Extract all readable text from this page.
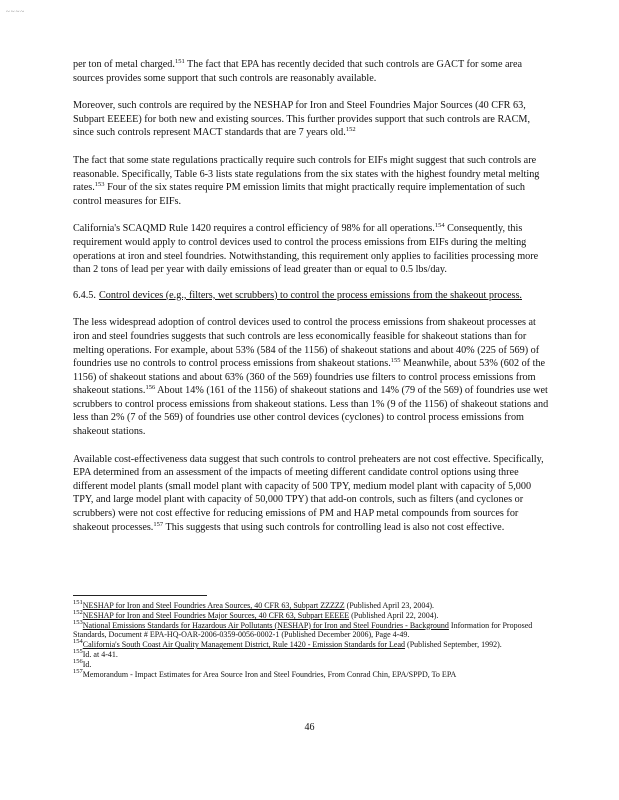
~~~~

per ton of metal charged.$^{151}$ The fact that EPA has recently decided that such controls are GACT for some area sources provides some support that such controls are reasonably available.

Moreover, such controls are required by the NESHAP for Iron and Steel Foundries Major Sources (40 CFR 63, Subpart EEEEE) for both new and existing sources. This further provides support that such controls are RACM, since such controls represent MACT standards that are 7 years old.$^{152}$

The fact that some state regulations practically require such controls for EIFs might suggest that such controls are reasonable. Specifically, Table 6-3 lists state regulations from the six states with the highest foundry metal melting rates.$^{153}$ Four of the six states require PM emission limits that might practically require implementation of such control measures for EIFs.

California's SCAQMD Rule 1420 requires a control efficiency of 98% for all operations.$^{154}$ Consequently, this requirement would apply to control devices used to control the process emissions from EIFs during the melting operations at iron and steel foundries. Notwithstanding, this requirement only applies to facilities processing more than 2 tons of lead per year with daily emissions of lead greater than or equal to 0.5 lbs/day.

6.4.5. Control devices (e.g., filters, wet scrubbers) to control the process emissions from the shakeout process.

The less widespread adoption of control devices used to control the process emissions from shakeout processes at iron and steel foundries suggests that such controls are less economically feasible for shakeout stations than for melting operations. For example, about 53% (584 of the 1156) of shakeout stations and about 40% (225 of 569) of foundries use no controls to control process emissions from shakeout stations.$^{155}$ Meanwhile, about 53% (602 of the 1156) of shakeout stations and about 63% (360 of the 569) foundries use filters to control process emissions from shakeout stations.$^{156}$ About 14% (161 of the 1156) of shakeout stations and 14% (79 of the 569) of foundries use wet scrubbers to control process emissions from shakeout stations. Less than 1% (9 of the 1156) of shakeout stations and less than 2% (7 of the 569) of foundries use other control devices (cyclones) to control process emissions from shakeout stations.

Available cost-effectiveness data suggest that such controls to control preheaters are not cost effective. Specifically, EPA determined from an assessment of the impacts of meeting different candidate control options using three different model plants (small model plant with capacity of 500 TPY, medium model plant with capacity of 5,000 TPY, and large model plant with capacity of 50,000 TPY) that add-on controls, such as filters (and cyclones or scrubbers) were not cost effective for reducing emissions of PM and HAP metal compounds from sources for shakeout processes.$^{157}$ This suggests that using such controls for controlling lead is also not cost effective.

$^{151}$NESHAP for Iron and Steel Foundries Area Sources, 40 CFR 63, Subpart ZZZZZ (Published April 23, 2004).

$^{152}$NESHAP for Iron and Steel Foundries Major Sources, 40 CFR 63, Subpart EEEEE (Published April 22, 2004).

$^{153}$National Emissions Standards for Hazardous Air Pollutants (NESHAP) for Iron and Steel Foundries - Background Information for Proposed Standards, Document # EPA-HQ-OAR-2006-0359-0056-0002-1 (Published December 2006), Page 4-49.

$^{154}$California's South Coast Air Quality Management District, Rule 1420 - Emission Standards for Lead (Published September, 1992).

$^{155}$Id. at 4-41.

$^{156}$Id.

$^{157}$Memorandum - Impact Estimates for Area Source Iron and Steel Foundries, From Conrad Chin, EPA/SPPD, To EPA

46
